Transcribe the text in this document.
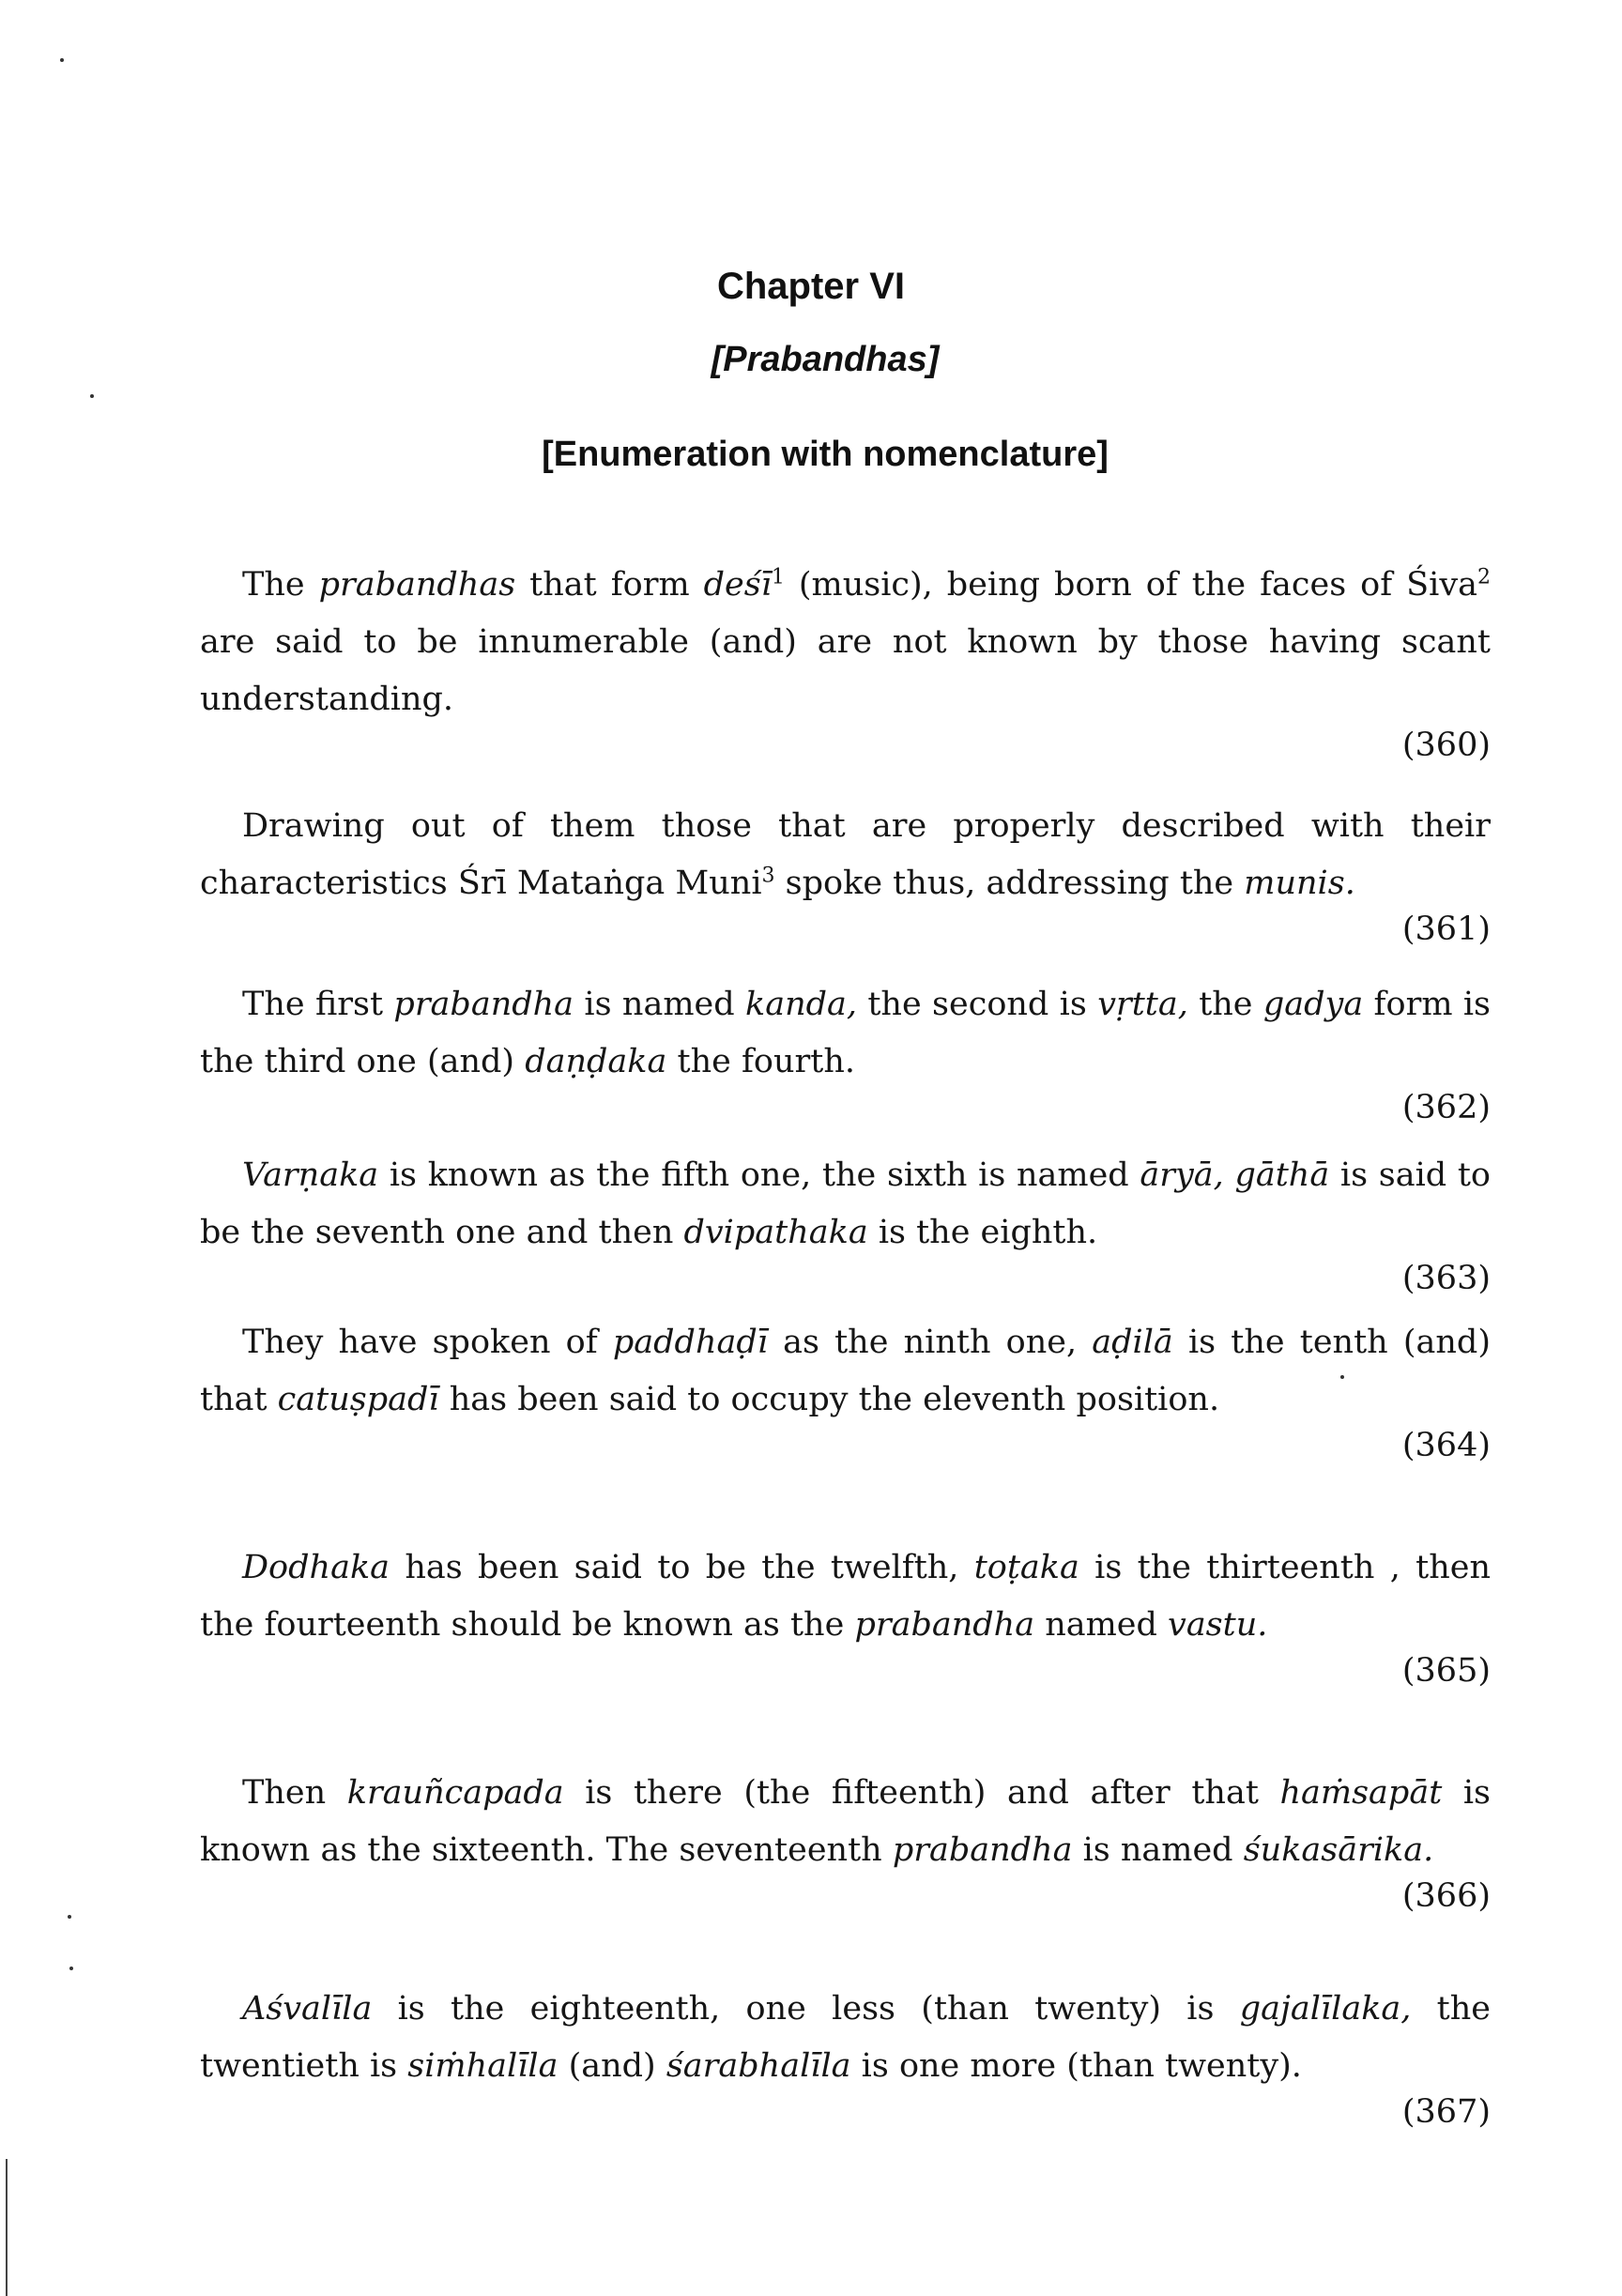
Chapter VI
[Prabandhas]
[Enumeration with nomenclature]

The prabandhas that form deśī$^1$ (music), being born of the faces of Śiva$^2$ are said to be innumerable (and) are not known by those having scant understanding.

(360)

Drawing out of them those that are properly described with their characteristics Śrī Mataṅga Muni$^3$ spoke thus, addressing the munis.

(361)

The first prabandha is named kanda, the second is vṛtta, the gadya form is the third one (and) daṇḍaka the fourth.

(362)

Varṇaka is known as the fifth one, the sixth is named āryā, gāthā is said to be the seventh one and then dvipathaka is the eighth.

(363)

They have spoken of paddhaḍī as the ninth one, aḍilā is the tenth (and) that catuṣpadī has been said to occupy the eleventh position.

(364)

Dodhaka has been said to be the twelfth, toṭaka is the thirteenth , then the fourteenth should be known as the prabandha named vastu.

(365)

Then krauñcapada is there (the fifteenth) and after that haṁsapāt is known as the sixteenth. The seventeenth prabandha is named śukasārika.

(366)

Aśvalīla is the eighteenth, one less (than twenty) is gajalīlaka, the twentieth is siṁhalīla (and) śarabhalīla is one more (than twenty).

(367)
